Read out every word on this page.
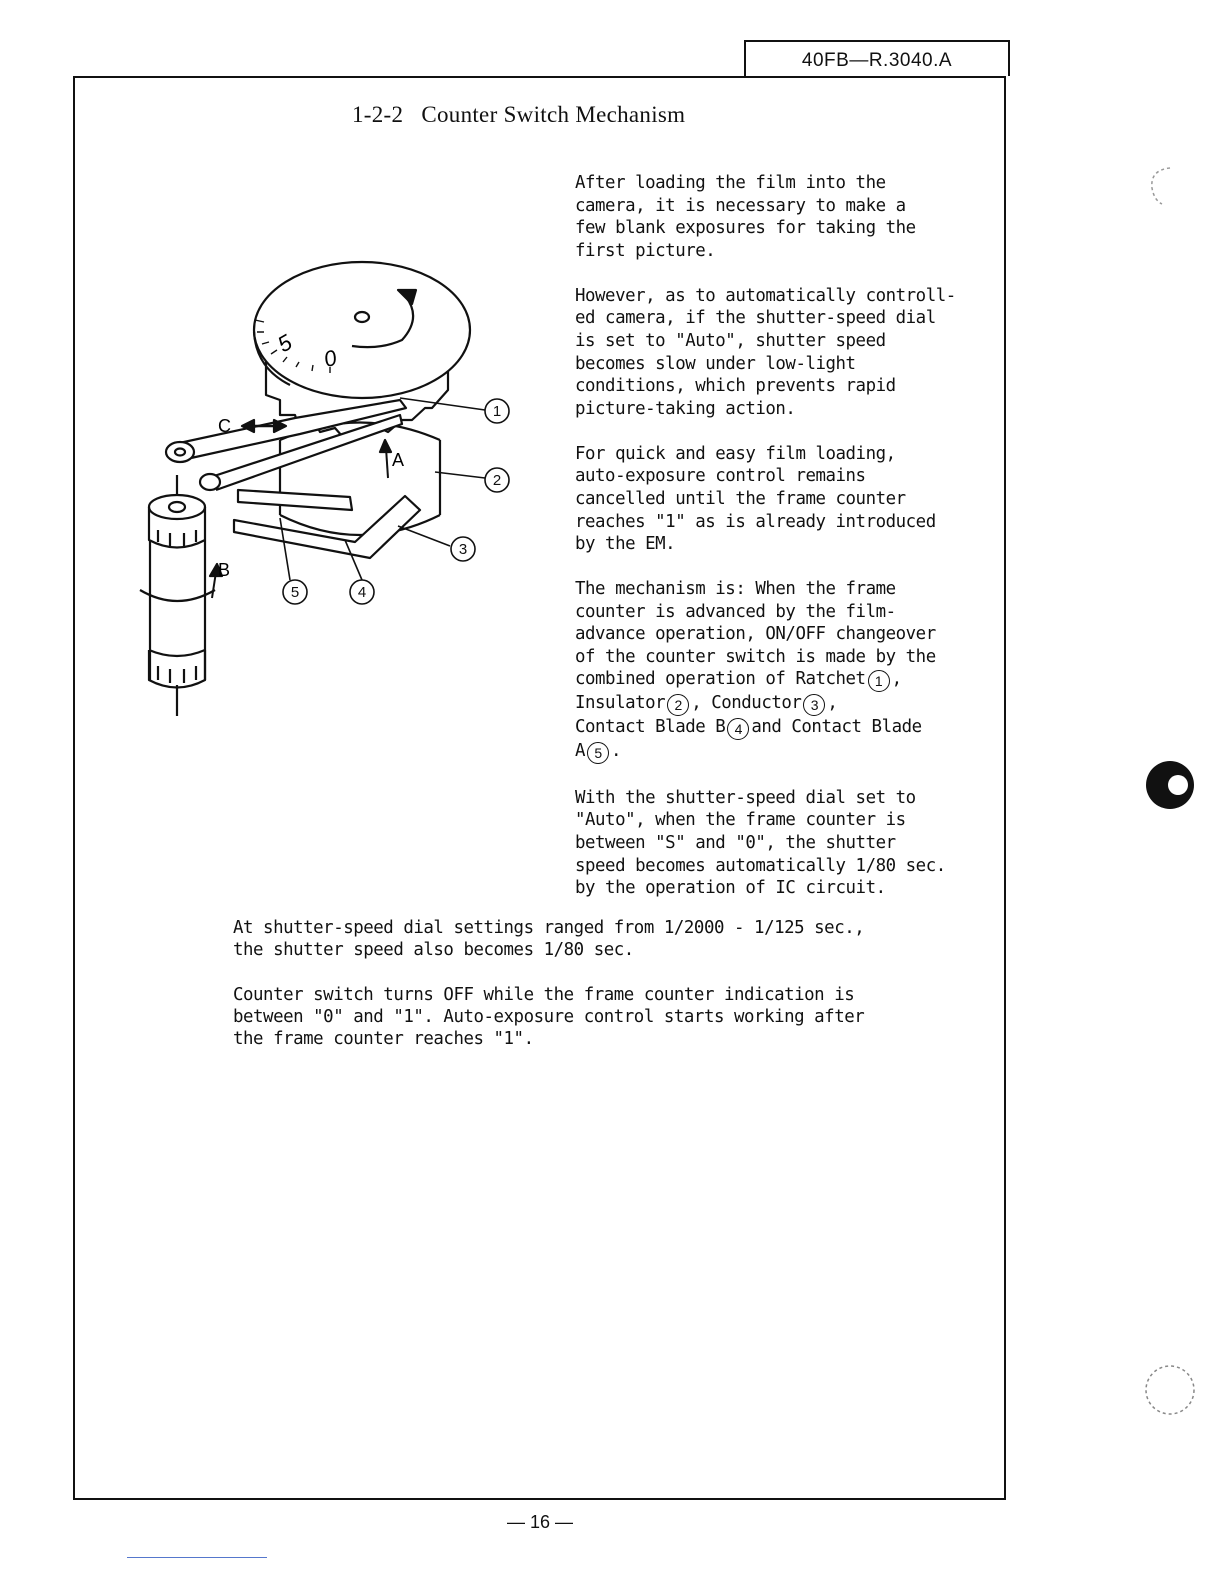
40FB—R.3040.A
1-2-2 Counter Switch Mechanism
5
0
C
A
B
1
2
3
4
5

After loading the film into the
camera, it is necessary to make a
few blank exposures for taking the
first picture.

However, as to automatically controll-
ed camera, if the shutter-speed dial
is set to "Auto", shutter speed
becomes slow under low-light
conditions, which prevents rapid
picture-taking action.

For quick and easy film loading,
auto-exposure control remains
cancelled until the frame counter
reaches "1" as is already introduced
by the EM.

The mechanism is: When the frame
counter is advanced by the film-
advance operation, ON/OFF changeover
of the counter switch is made by the
combined operation of Ratchet 1 ,
Insulator 2 , Conductor 3 ,
Contact Blade B 4 and Contact Blade
A 5 .

With the shutter-speed dial set to
"Auto", when the frame counter is
between "S" and "0", the shutter
speed becomes automatically 1/80 sec.
by the operation of IC circuit.

At shutter-speed dial settings ranged from 1/2000 - 1/125 sec.,
the shutter speed also becomes 1/80 sec.

Counter switch turns OFF while the frame counter indication is
between "0" and "1". Auto-exposure control starts working after
the frame counter reaches "1".

— 16 —
